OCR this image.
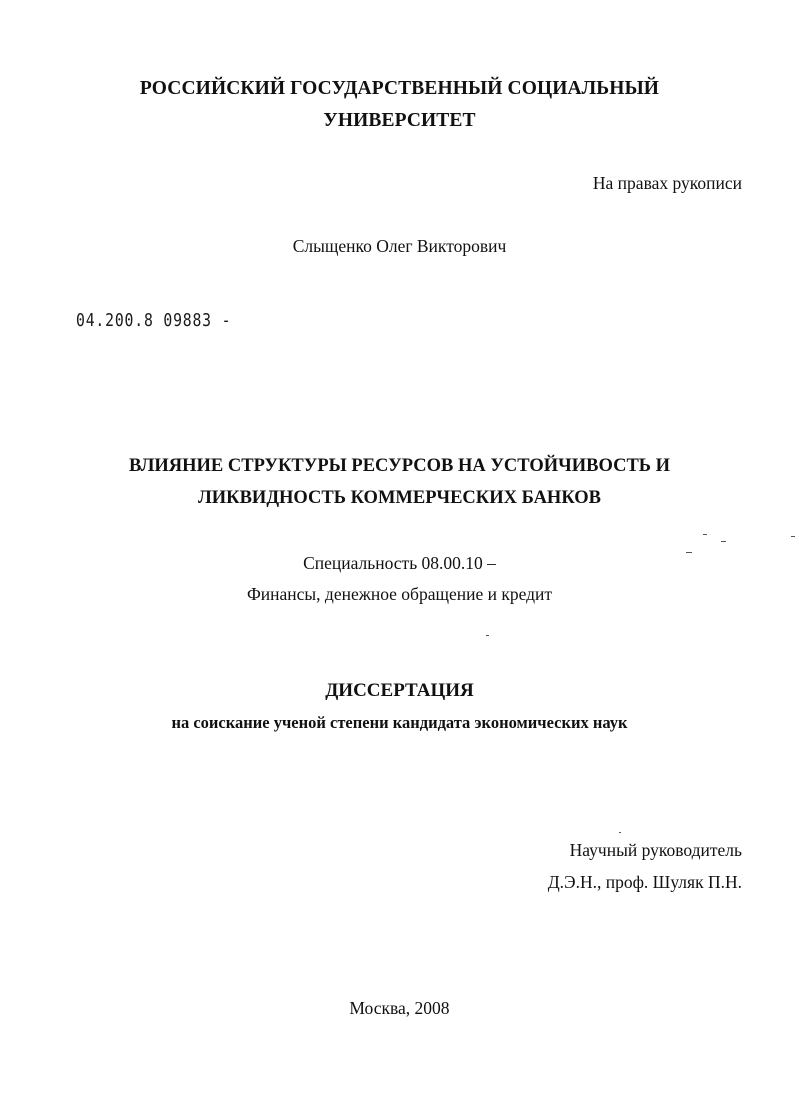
РОССИЙСКИЙ ГОСУДАРСТВЕННЫЙ СОЦИАЛЬНЫЙ
УНИВЕРСИТЕТ
На правах рукописи
Слыщенко Олег Викторович
04.200.8 09883 -
ВЛИЯНИЕ СТРУКТУРЫ РЕСУРСОВ НА УСТОЙЧИВОСТЬ И
ЛИКВИДНОСТЬ КОММЕРЧЕСКИХ БАНКОВ
Специальность 08.00.10 –
Финансы, денежное обращение и кредит
ДИССЕРТАЦИЯ
на соискание ученой степени кандидата экономических наук
Научный руководитель
Д.Э.Н., проф. Шуляк П.Н.
Москва, 2008
